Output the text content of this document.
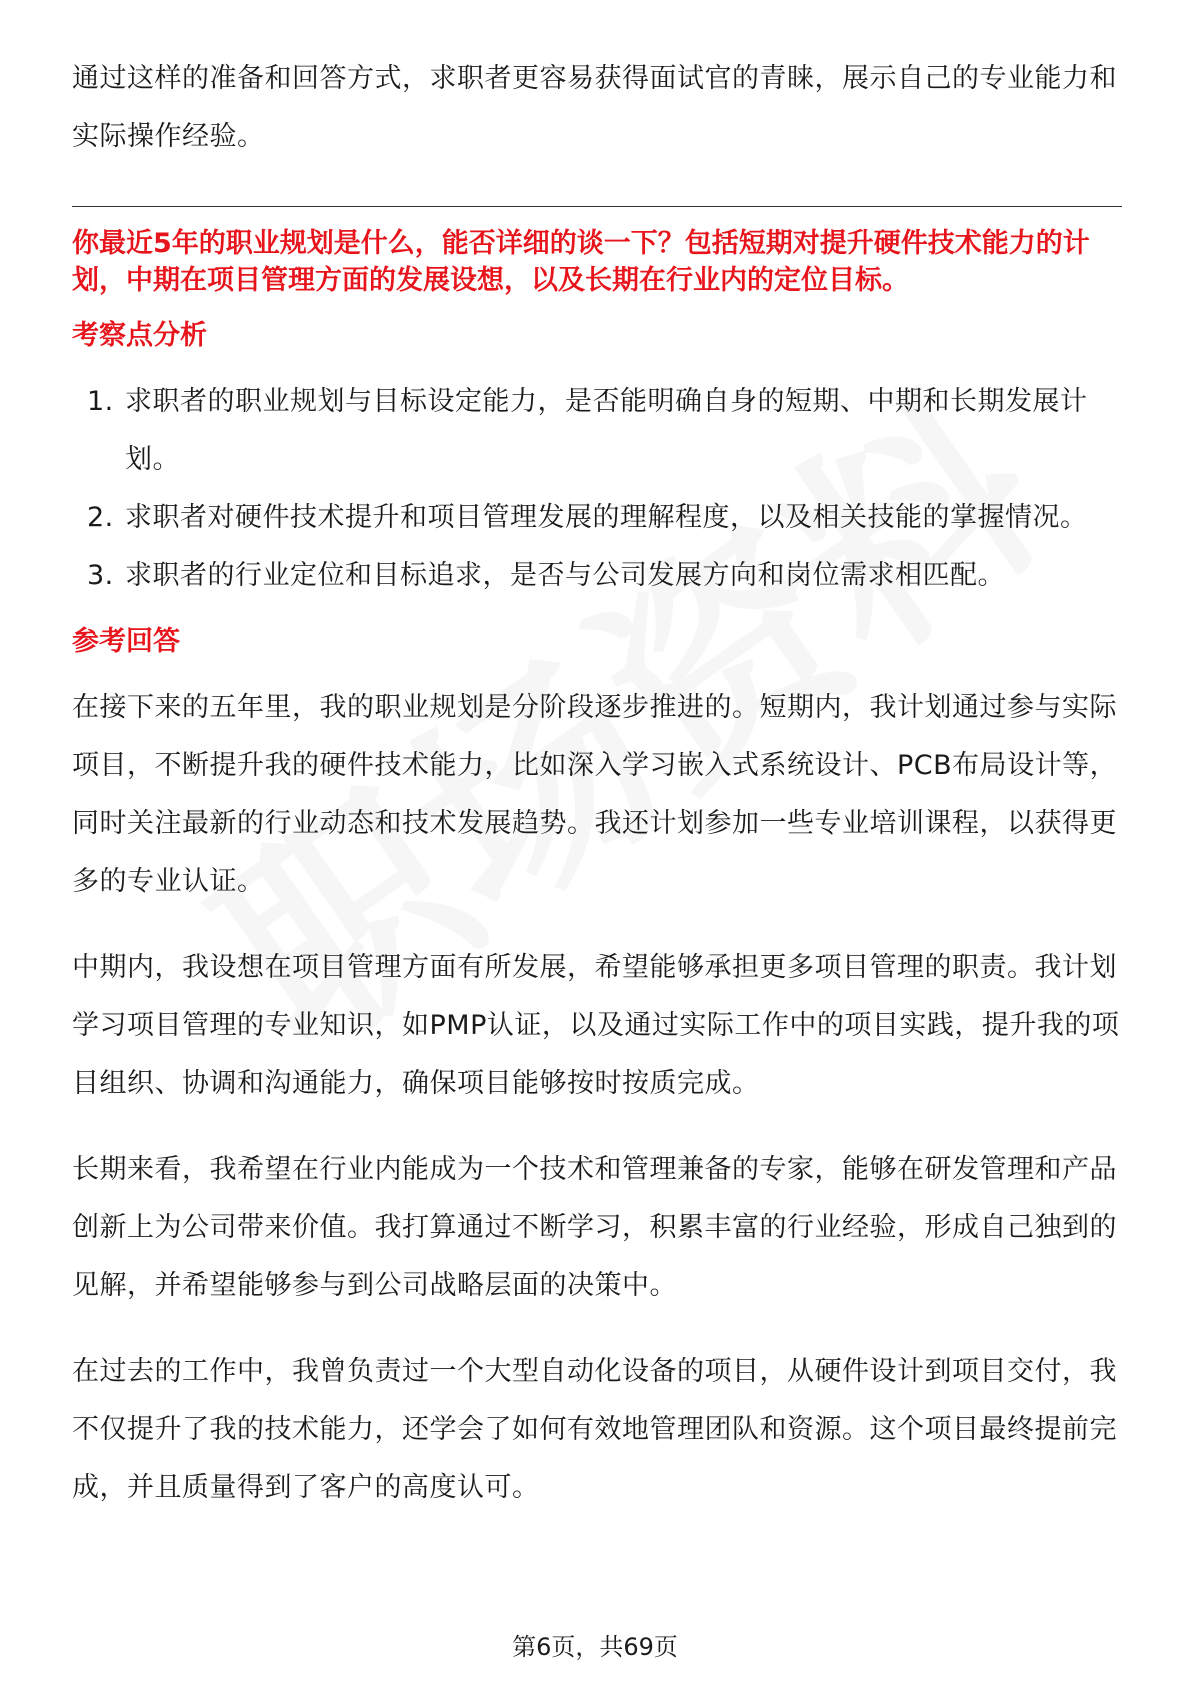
通过这样的准备和回答方式，求职者更容易获得面试官的青睐，展示自己的专业能力和实际操作经验。

你最近5年的职业规划是什么，能否详细的谈一下？包括短期对提升硬件技术能力的计划，中期在项目管理方面的发展设想，以及长期在行业内的定位目标。

考察点分析
1. 求职者的职业规划与目标设定能力，是否能明确自身的短期、中期和长期发展计划。
2. 求职者对硬件技术提升和项目管理发展的理解程度，以及相关技能的掌握情况。
3. 求职者的行业定位和目标追求，是否与公司发展方向和岗位需求相匹配。
参考回答

在接下来的五年里，我的职业规划是分阶段逐步推进的。短期内，我计划通过参与实际项目，不断提升我的硬件技术能力，比如深入学习嵌入式系统设计、PCB布局设计等，同时关注最新的行业动态和技术发展趋势。我还计划参加一些专业培训课程，以获得更多的专业认证。

中期内，我设想在项目管理方面有所发展，希望能够承担更多项目管理的职责。我计划学习项目管理的专业知识，如PMP认证，以及通过实际工作中的项目实践，提升我的项目组织、协调和沟通能力，确保项目能够按时按质完成。

长期来看，我希望在行业内能成为一个技术和管理兼备的专家，能够在研发管理和产品创新上为公司带来价值。我打算通过不断学习，积累丰富的行业经验，形成自己独到的见解，并希望能够参与到公司战略层面的决策中。

在过去的工作中，我曾负责过一个大型自动化设备的项目，从硬件设计到项目交付，我不仅提升了我的技术能力，还学会了如何有效地管理团队和资源。这个项目最终提前完成，并且质量得到了客户的高度认可。

第6页，共69页
